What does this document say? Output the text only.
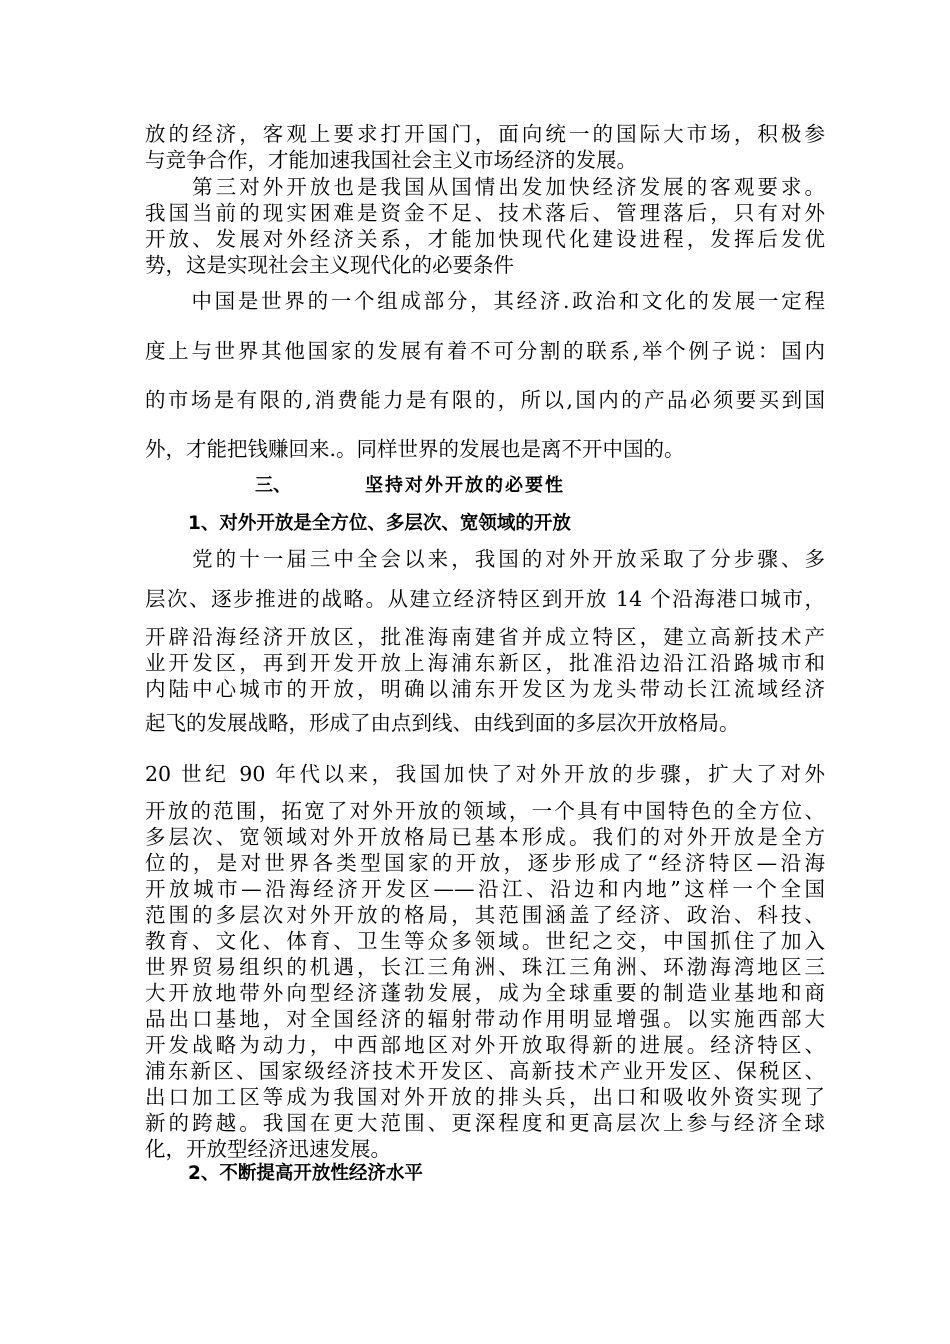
放的经济，客观上要求打开国门，面向统一的国际大市场，积极参
与竞争合作，才能加速我国社会主义市场经济的发展。
　　第三对外开放也是我国从国情出发加快经济发展的客观要求。
我国当前的现实困难是资金不足、技术落后、管理落后，只有对外
开放、发展对外经济关系，才能加快现代化建设进程，发挥后发优
势，这是实现社会主义现代化的必要条件
　　中国是世界的一个组成部分，其经济.政治和文化的发展一定程
度上与世界其他国家的发展有着不可分割的联系,举个例子说：国内
的市场是有限的,消费能力是有限的，所以,国内的产品必须要买到国
外，才能把钱赚回来.。同样世界的发展也是离不开中国的。
三、	坚持对外开放的必要性
1、对外开放是全方位、多层次、宽领域的开放
　　党的十一届三中全会以来，我国的对外开放采取了分步骤、多
层次、逐步推进的战略。从建立经济特区到开放 14 个沿海港口城市，
开辟沿海经济开放区，批准海南建省并成立特区，建立高新技术产
业开发区，再到开发开放上海浦东新区，批准沿边沿江沿路城市和
内陆中心城市的开放，明确以浦东开发区为龙头带动长江流域经济
起飞的发展战略，形成了由点到线、由线到面的多层次开放格局。
20 世纪 90 年代以来，我国加快了对外开放的步骤，扩大了对外
开放的范围，拓宽了对外开放的领域，一个具有中国特色的全方位、
多层次、宽领域对外开放格局已基本形成。我们的对外开放是全方
位的，是对世界各类型国家的开放，逐步形成了“经济特区—沿海
开放城市—沿海经济开发区——沿江、沿边和内地”这样一个全国
范围的多层次对外开放的格局，其范围涵盖了经济、政治、科技、
教育、文化、体育、卫生等众多领域。世纪之交，中国抓住了加入
世界贸易组织的机遇，长江三角洲、珠江三角洲、环渤海湾地区三
大开放地带外向型经济蓬勃发展，成为全球重要的制造业基地和商
品出口基地，对全国经济的辐射带动作用明显增强。以实施西部大
开发战略为动力，中西部地区对外开放取得新的进展。经济特区、
浦东新区、国家级经济技术开发区、高新技术产业开发区、保税区、
出口加工区等成为我国对外开放的排头兵，出口和吸收外资实现了
新的跨越。我国在更大范围、更深程度和更高层次上参与经济全球
化，开放型经济迅速发展。
2、不断提高开放性经济水平
